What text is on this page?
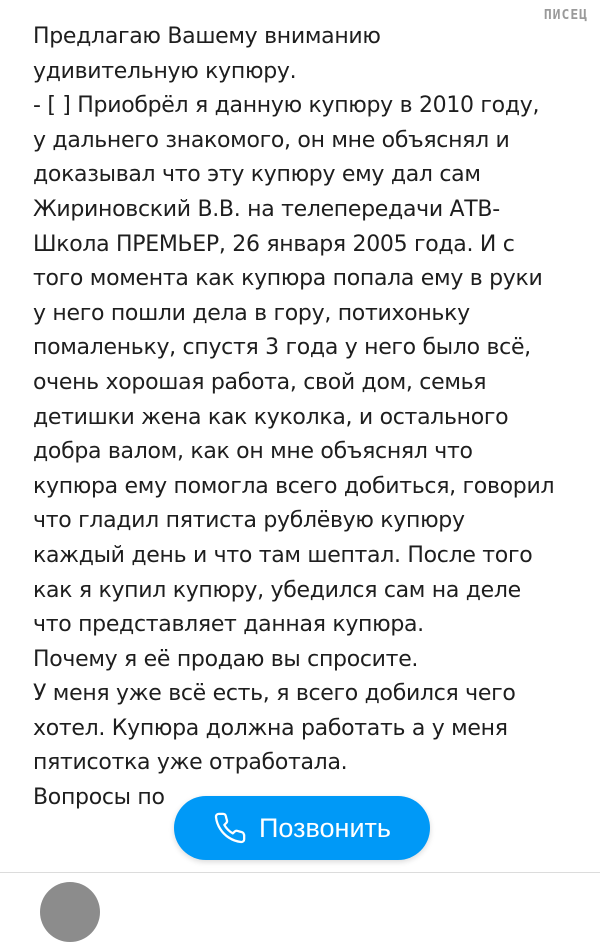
ПИСЕЦ
Предлагаю Вашему вниманию
удивительную купюру.
- [ ] Приобрёл я данную купюру в 2010 году,
у дальнего знакомого, он мне объяснял и
доказывал что эту купюру ему дал сам
Жириновский В.В. на телепередачи АТВ-
Школа ПРЕМЬЕР, 26 января 2005 года. И с
того момента как купюра попала ему в руки
у него пошли дела в гору, потихоньку
помаленьку, спустя 3 года у него было всё,
очень хорошая работа, свой дом, семья
детишки жена как куколка, и остального
добра валом, как он мне объяснял что
купюра ему помогла всего добиться, говорил
что гладил пятиста рублёвую купюру
каждый день и что там шептал. После того
как я купил купюру, убедился сам на деле
что представляет данная купюра.
Почему я её продаю вы спросите.
У меня уже всё есть, я всего добился чего
хотел. Купюра должна работать а у меня
пятисотка уже отработала.
Вопросы по
Позвонить
